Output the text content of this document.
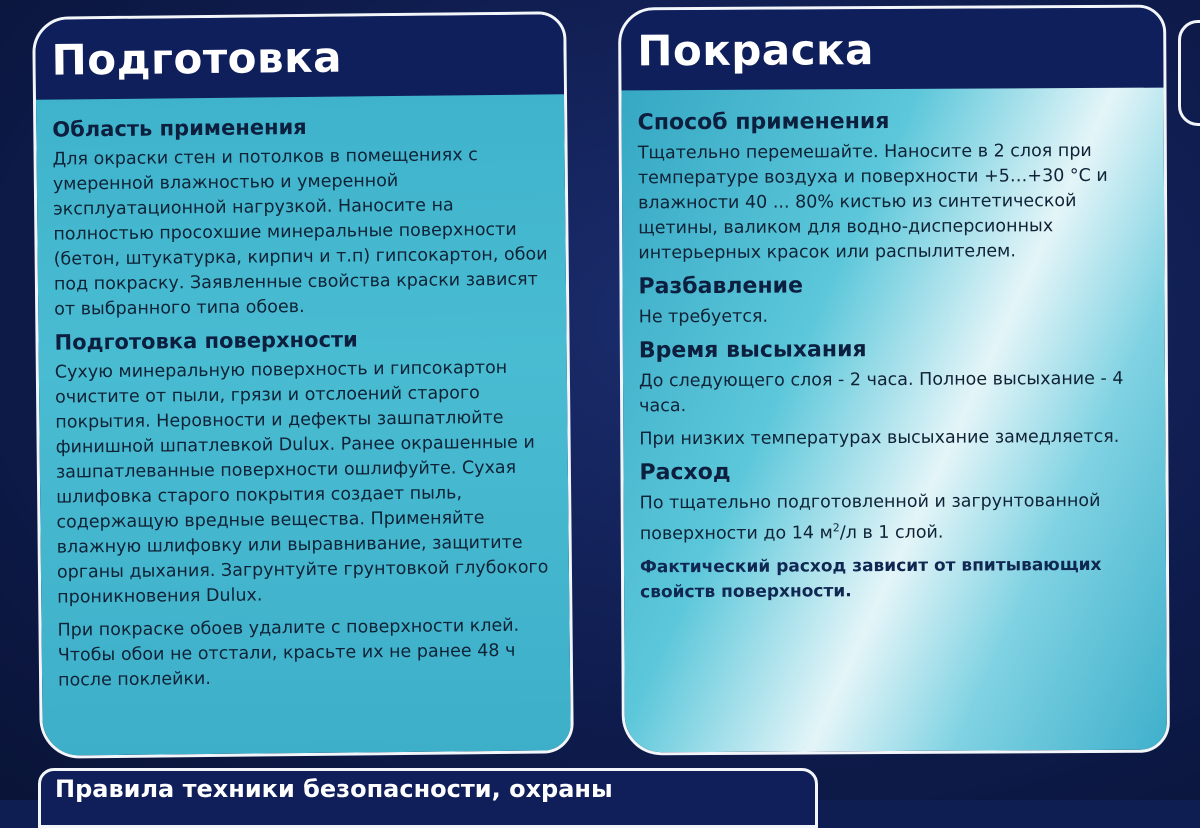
Подготовка
Область применения

Для окраски стен и потолков в помещениях с умеренной влажностью и умеренной эксплуатационной нагрузкой. Наносите на полностью просохшие минеральные поверхности (бетон, штукатурка, кирпич и т.п) гипсокартон, обои под покраску. Заявленные свойства краски зависят от выбранного типа обоев.

Подготовка поверхности

Сухую минеральную поверхность и гипсокартон очистите от пыли, грязи и отслоений старого покрытия. Неровности и дефекты зашпатлюйте финишной шпатлевкой Dulux. Ранее окрашенные и зашпатлеванные поверхности ошлифуйте. Сухая шлифовка старого покрытия создает пыль, содержащую вредные вещества. Применяйте влажную шлифовку или выравнивание, защитите органы дыхания. Загрунтуйте грунтовкой глубокого проникновения Dulux.

При покраске обоев удалите с поверхности клей. Чтобы обои не отстали, красьте их не ранее 48 ч после поклейки.

Покраска
Способ применения

Тщательно перемешайте. Наносите в 2 слоя при температуре воздуха и поверхности +5…+30 °С и влажности 40 ... 80% кистью из синтетической щетины, валиком для водно-дисперсионных интерьерных красок или распылителем.

Разбавление

Не требуется.

Время высыхания

До следующего слоя - 2 часа. Полное высыхание - 4 часа.

При низких температурах высыхание замедляется.

Расход

По тщательно подготовленной и загрунтованной поверхности до 14 $м^2/л$ в 1 слой.

Фактический расход зависит от впитывающих свойств поверхности.

Правила техники безопасности, охраны
